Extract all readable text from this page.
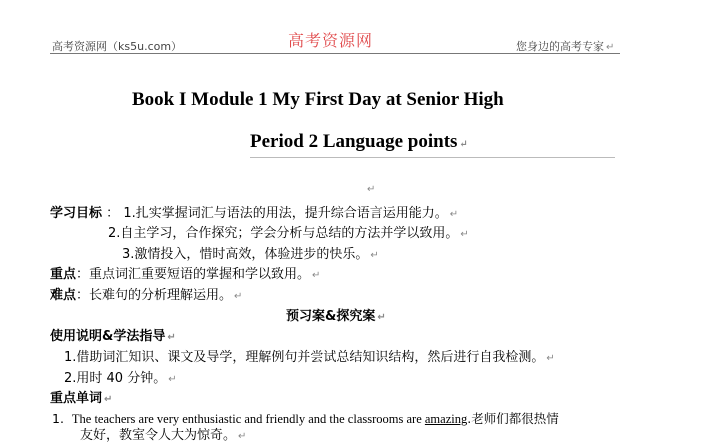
高考资源网（ks5u.com）	高考资源网	您身边的高考专家 ↵
Book I Module 1 My First Day at Senior High
Period 2 Language points ↵
↵
学习目标 ： 1.扎实掌握词汇与语法的用法，提升综合语言运用能力。 ↵
2.自主学习，合作探究；学会分析与总结的方法并学以致用。 ↵
3.激情投入，惜时高效，体验进步的快乐。 ↵
重点：重点词汇重要短语的掌握和学以致用。 ↵
难点：长难句的分析理解运用。 ↵
预习案&探究案 ↵
使用说明&学法指导 ↵
1.借助词汇知识、课文及导学，理解例句并尝试总结知识结构，然后进行自我检测。 ↵
2.用时 40 分钟。 ↵
重点单词 ↵
1. The teachers are very enthusiastic and friendly and the classrooms are amazing.老师们都很热情
友好，教室令人大为惊奇。 ↵
